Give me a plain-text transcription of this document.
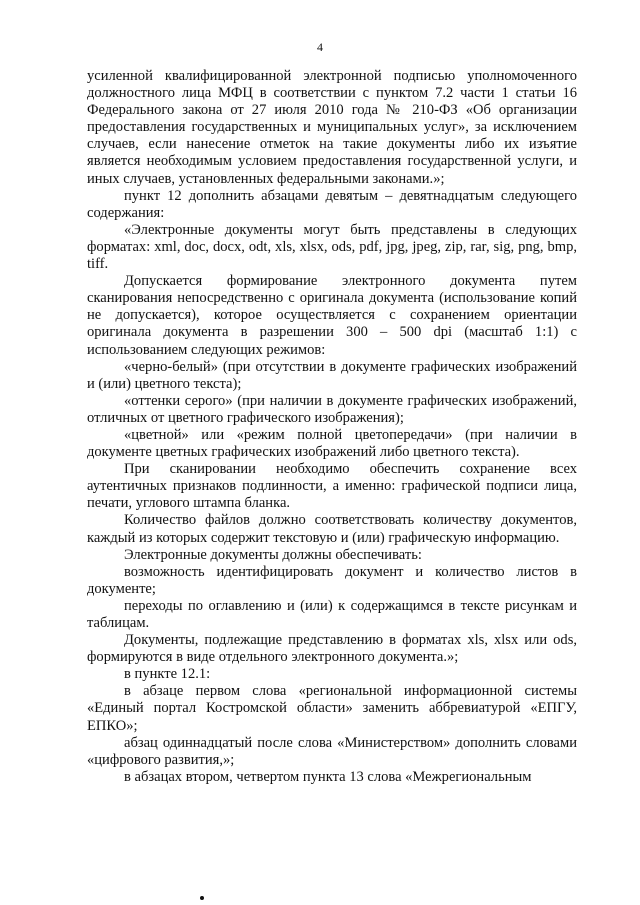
4

усиленной квалифицированной электронной подписью уполномоченного должностного лица МФЦ в соответствии с пунктом 7.2 части 1 статьи 16 Федерального закона от 27 июля 2010 года № 210-ФЗ «Об организации предоставления государственных и муниципальных услуг», за исключением случаев, если нанесение отметок на такие документы либо их изъятие является необходимым условием предоставления государственной услуги, и иных случаев, установленных федеральными законами.»;

пункт 12 дополнить абзацами девятым – девятнадцатым следующего содержания:

«Электронные документы могут быть представлены в следующих форматах: xml, doc, docx, odt, xls, xlsx, ods, pdf, jpg, jpeg, zip, rar, sig, png, bmp, tiff.

Допускается формирование электронного документа путем сканирования непосредственно с оригинала документа (использование копий не допускается), которое осуществляется с сохранением ориентации оригинала документа в разрешении 300 – 500 dpi (масштаб 1:1) с использованием следующих режимов:

«черно-белый» (при отсутствии в документе графических изображений и (или) цветного текста);

«оттенки серого» (при наличии в документе графических изображений, отличных от цветного графического изображения);

«цветной» или «режим полной цветопередачи» (при наличии в документе цветных графических изображений либо цветного текста).

При сканировании необходимо обеспечить сохранение всех аутентичных признаков подлинности, а именно: графической подписи лица, печати, углового штампа бланка.

Количество файлов должно соответствовать количеству документов, каждый из которых содержит текстовую и (или) графическую информацию.

Электронные документы должны обеспечивать:

возможность идентифицировать документ и количество листов в документе;

переходы по оглавлению и (или) к содержащимся в тексте рисункам и таблицам.

Документы, подлежащие представлению в форматах xls, xlsx или ods, формируются в виде отдельного электронного документа.»;

в пункте 12.1:

в абзаце первом слова «региональной информационной системы «Единый портал Костромской области» заменить аббревиатурой «ЕПГУ, ЕПКО»;

абзац одиннадцатый после слова «Министерством» дополнить словами «цифрового развития,»;

в абзацах втором, четвертом пункта 13 слова «Межрегиональным
